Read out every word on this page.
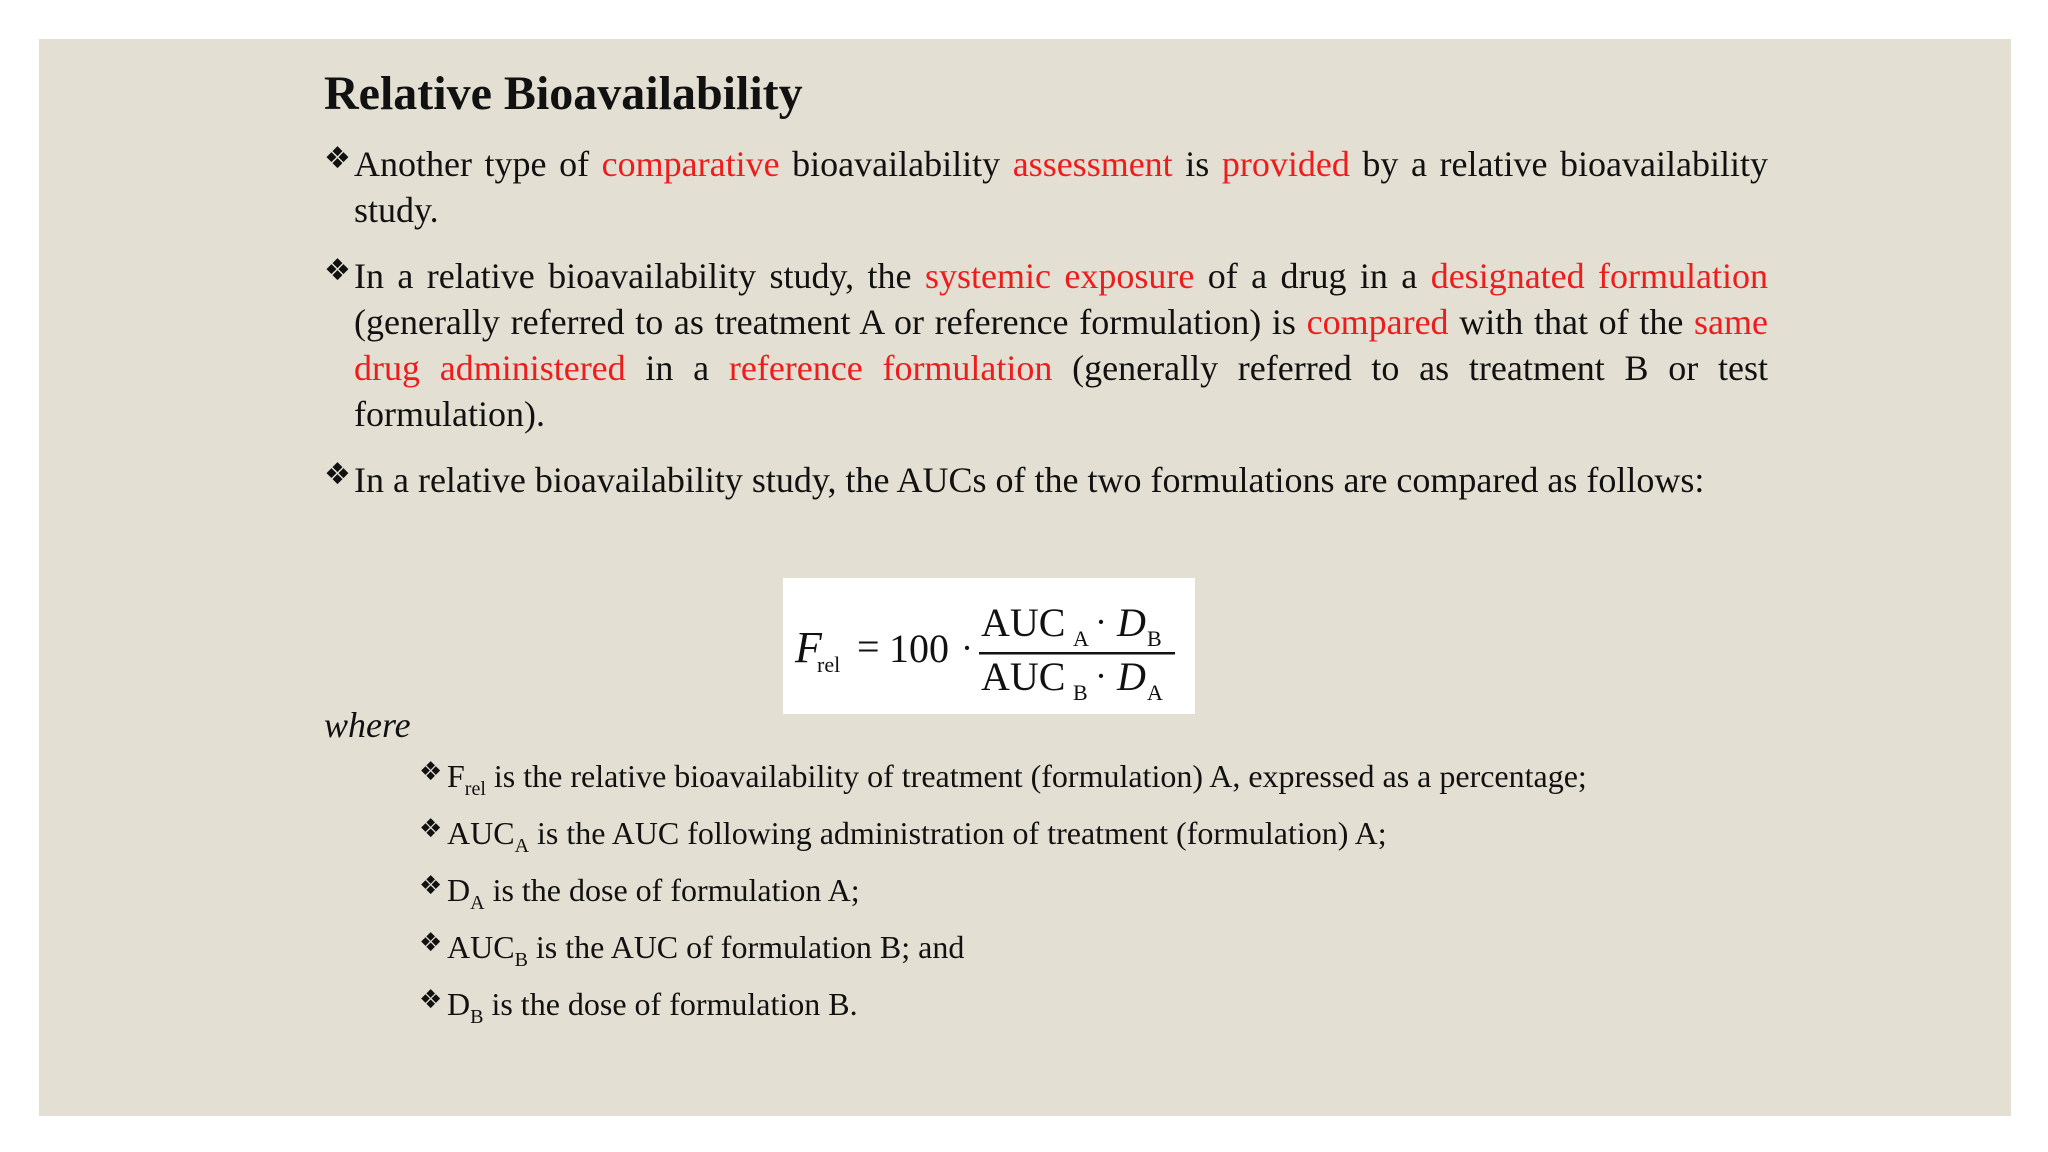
Relative Bioavailability
❖ Another type of comparative bioavailability assessment is provided by a relative bioavailability study.
❖ In a relative bioavailability study, the systemic exposure of a drug in a designated formulation (generally referred to as treatment A or reference formulation) is compared with that of the same drug administered in a reference formulation (generally referred to as treatment B or test formulation).
❖ In a relative bioavailability study, the AUCs of the two formulations are compared as follows:
F
rel = 100 ·
AUC A · D B
AUC B · D A
where
❖ $F_{rel}$ is the relative bioavailability of treatment (formulation) A, expressed as a percentage;
❖ $AUC_A$ is the AUC following administration of treatment (formulation) A;
❖ $D_A$ is the dose of formulation A;
❖ $AUC_B$ is the AUC of formulation B; and
❖ $D_B$ is the dose of formulation B.
